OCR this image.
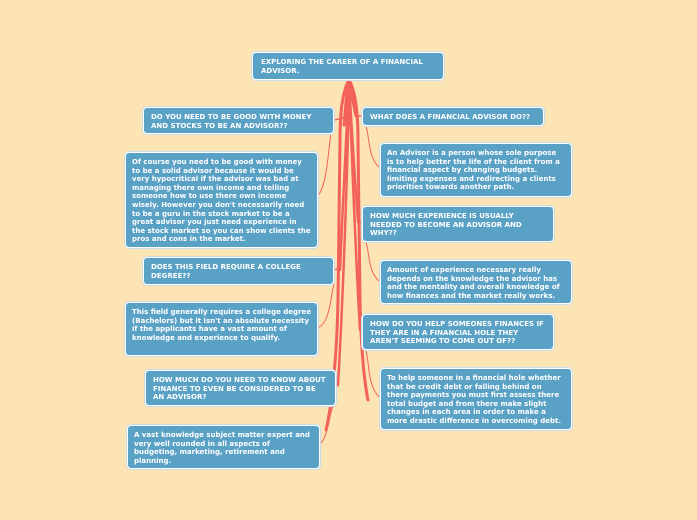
EXPLORING THE CAREER OF A FINANCIAL ADVISOR.
DO YOU NEED TO BE GOOD WITH MONEY AND STOCKS TO BE AN ADVISOR??
Of course you need to be good with money to be a solid advisor because it would be very hypocritical if the advisor was bad at managing there own income and telling someone how to use there own income wisely. However you don't necessarily need to be a guru in the stock market to be a great advisor you just need experience in the stock market so you can show clients the pros and cons in the market.
DOES THIS FIELD REQUIRE A COLLEGE DEGREE??
This field generally requires a college degree (Bachelors) but it isn't an absolute necessity if the applicants have a vast amount of knowledge and experience to qualify.
HOW MUCH DO YOU NEED TO KNOW ABOUT FINANCE TO EVEN BE CONSIDERED TO BE AN ADVISOR?
A vast knowledge subject matter expert and very well rounded in all aspects of budgeting, marketing, retirement and planning.
WHAT DOES A FINANCIAL ADVISOR DO??
An Advisor is a person whose sole purpose is to help better the life of the client from a financial aspect by changing budgets. limiting expenses and redirecting a clients priorities towards another path.
HOW MUCH EXPERIENCE IS USUALLY NEEDED TO BECOME AN ADVISOR AND WHY??
Amount of experience necessary really depends on the knowledge the advisor has and the mentality and overall knowledge of how finances and the market really works.
HOW DO YOU HELP SOMEONES FINANCES IF THEY ARE IN A FINANCIAL HOLE THEY AREN'T SEEMING TO COME OUT OF??
To help someone in a financial hole whether that be credit debt or falling behind on there payments you must first assess there total budget and from there make slight changes in each area in order to make a more drastic difference in overcoming debt.
